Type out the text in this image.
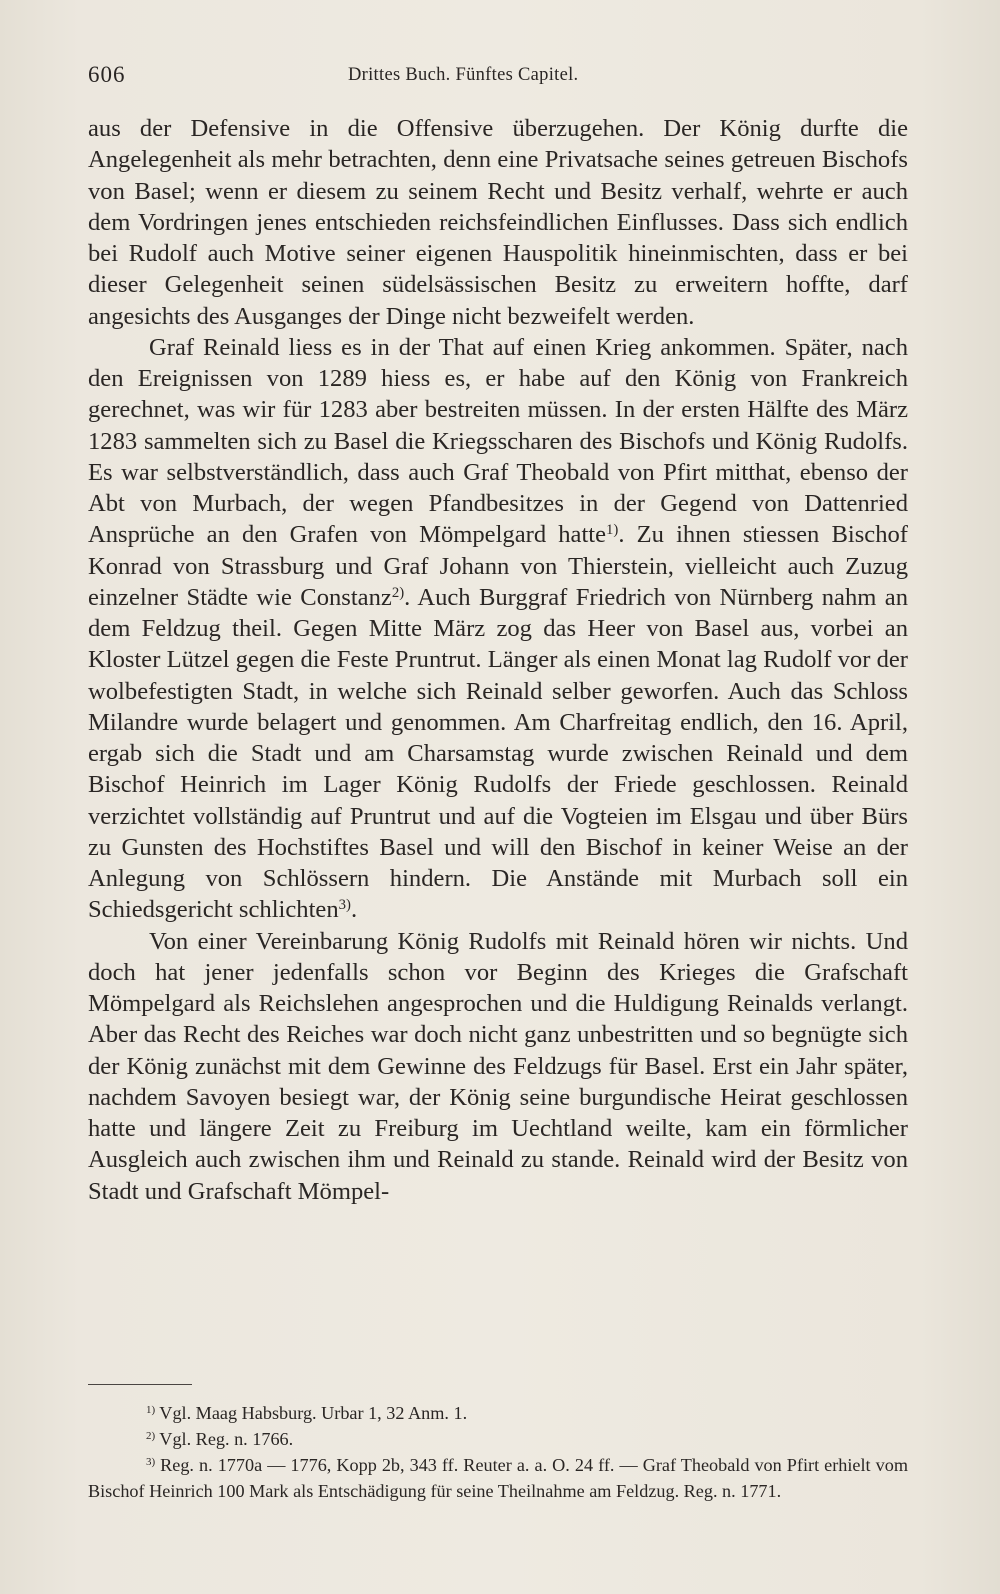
606	Drittes Buch. Fünftes Capitel.

aus der Defensive in die Offensive überzugehen. Der König durfte die Angelegenheit als mehr betrachten, denn eine Privatsache seines getreuen Bischofs von Basel; wenn er diesem zu seinem Recht und Besitz verhalf, wehrte er auch dem Vordringen jenes entschieden reichsfeindlichen Einflusses. Dass sich endlich bei Rudolf auch Motive seiner eigenen Hauspolitik hineinmischten, dass er bei dieser Gelegenheit seinen südelsässischen Besitz zu erweitern hoffte, darf angesichts des Ausganges der Dinge nicht bezweifelt werden.

Graf Reinald liess es in der That auf einen Krieg ankommen. Später, nach den Ereignissen von 1289 hiess es, er habe auf den König von Frankreich gerechnet, was wir für 1283 aber bestreiten müssen. In der ersten Hälfte des März 1283 sammelten sich zu Basel die Kriegsscharen des Bischofs und König Rudolfs. Es war selbstverständlich, dass auch Graf Theobald von Pfirt mitthat, ebenso der Abt von Murbach, der wegen Pfandbesitzes in der Gegend von Dattenried Ansprüche an den Grafen von Mömpelgard hatte$^{1)}$. Zu ihnen stiessen Bischof Konrad von Strassburg und Graf Johann von Thierstein, vielleicht auch Zuzug einzelner Städte wie Constanz$^{2)}$. Auch Burggraf Friedrich von Nürnberg nahm an dem Feldzug theil. Gegen Mitte März zog das Heer von Basel aus, vorbei an Kloster Lützel gegen die Feste Pruntrut. Länger als einen Monat lag Rudolf vor der wolbefestigten Stadt, in welche sich Reinald selber geworfen. Auch das Schloss Milandre wurde belagert und genommen. Am Charfreitag endlich, den 16. April, ergab sich die Stadt und am Charsamstag wurde zwischen Reinald und dem Bischof Heinrich im Lager König Rudolfs der Friede geschlossen. Reinald verzichtet vollständig auf Pruntrut und auf die Vogteien im Elsgau und über Bürs zu Gunsten des Hochstiftes Basel und will den Bischof in keiner Weise an der Anlegung von Schlössern hindern. Die Anstände mit Murbach soll ein Schiedsgericht schlichten$^{3)}$.

Von einer Vereinbarung König Rudolfs mit Reinald hören wir nichts. Und doch hat jener jedenfalls schon vor Beginn des Krieges die Grafschaft Mömpelgard als Reichslehen angesprochen und die Huldigung Reinalds verlangt. Aber das Recht des Reiches war doch nicht ganz unbestritten und so begnügte sich der König zunächst mit dem Gewinne des Feldzugs für Basel. Erst ein Jahr später, nachdem Savoyen besiegt war, der König seine burgundische Heirat geschlossen hatte und längere Zeit zu Freiburg im Uechtland weilte, kam ein förmlicher Ausgleich auch zwischen ihm und Reinald zu stande. Reinald wird der Besitz von Stadt und Grafschaft Mömpel-

$^{1)}$ Vgl. Maag Habsburg. Urbar 1, 32 Anm. 1.

$^{2)}$ Vgl. Reg. n. 1766.

$^{3)}$ Reg. n. 1770a — 1776, Kopp 2b, 343 ff. Reuter a. a. O. 24 ff. — Graf Theobald von Pfirt erhielt vom Bischof Heinrich 100 Mark als Entschädigung für seine Theilnahme am Feldzug. Reg. n. 1771.
